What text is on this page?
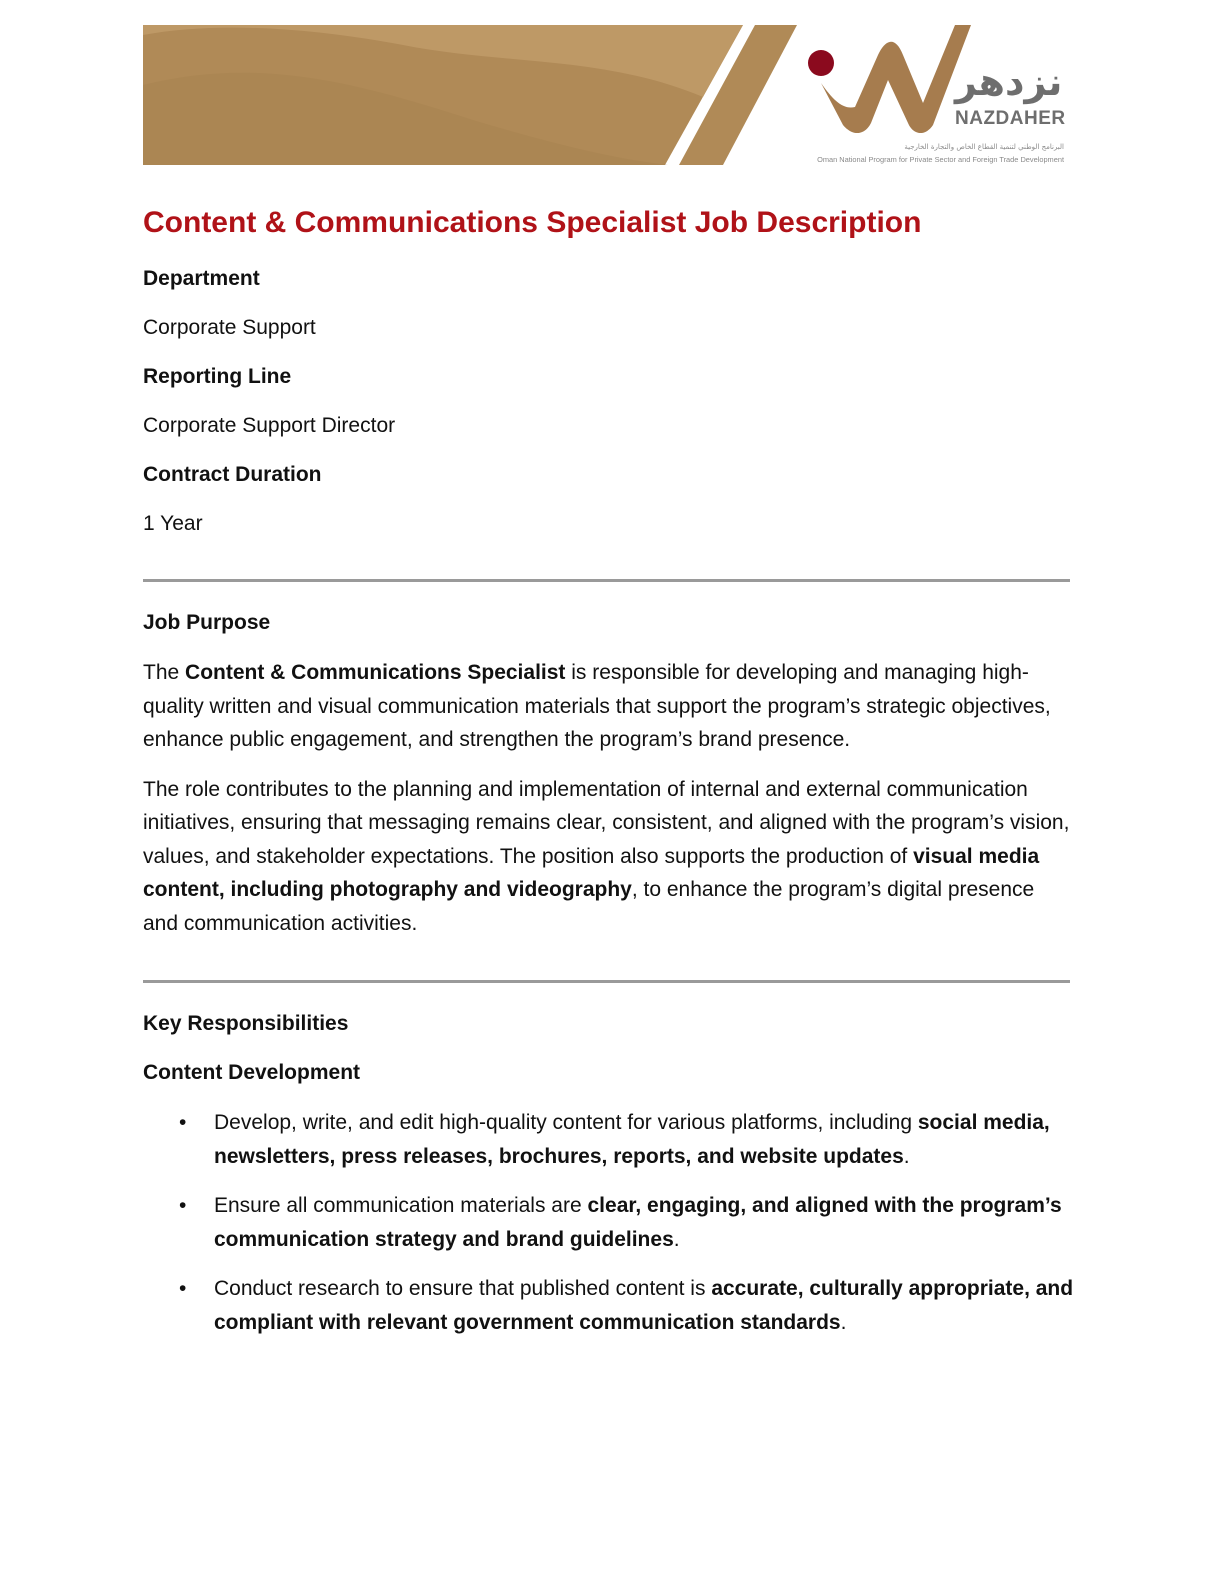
نزدهر
NAZDAHER
البرنامج الوطني لتنمية القطاع الخاص والتجارة الخارجية
Oman National Program for Private Sector and Foreign Trade Development
Content & Communications Specialist Job Description

Department

Corporate Support

Reporting Line

Corporate Support Director

Contract Duration

1 Year

Job Purpose

The Content & Communications Specialist is responsible for developing and managing high-quality written and visual communication materials that support the program’s strategic objectives, enhance public engagement, and strengthen the program’s brand presence.

The role contributes to the planning and implementation of internal and external communication initiatives, ensuring that messaging remains clear, consistent, and aligned with the program’s vision, values, and stakeholder expectations. The position also supports the production of visual media content, including photography and videography, to enhance the program’s digital presence and communication activities.

Key Responsibilities

Content Development

• Develop, write, and edit high-quality content for various platforms, including social media, newsletters, press releases, brochures, reports, and website updates.
• Ensure all communication materials are clear, engaging, and aligned with the program’s communication strategy and brand guidelines.
• Conduct research to ensure that published content is accurate, culturally appropriate, and compliant with relevant government communication standards.
